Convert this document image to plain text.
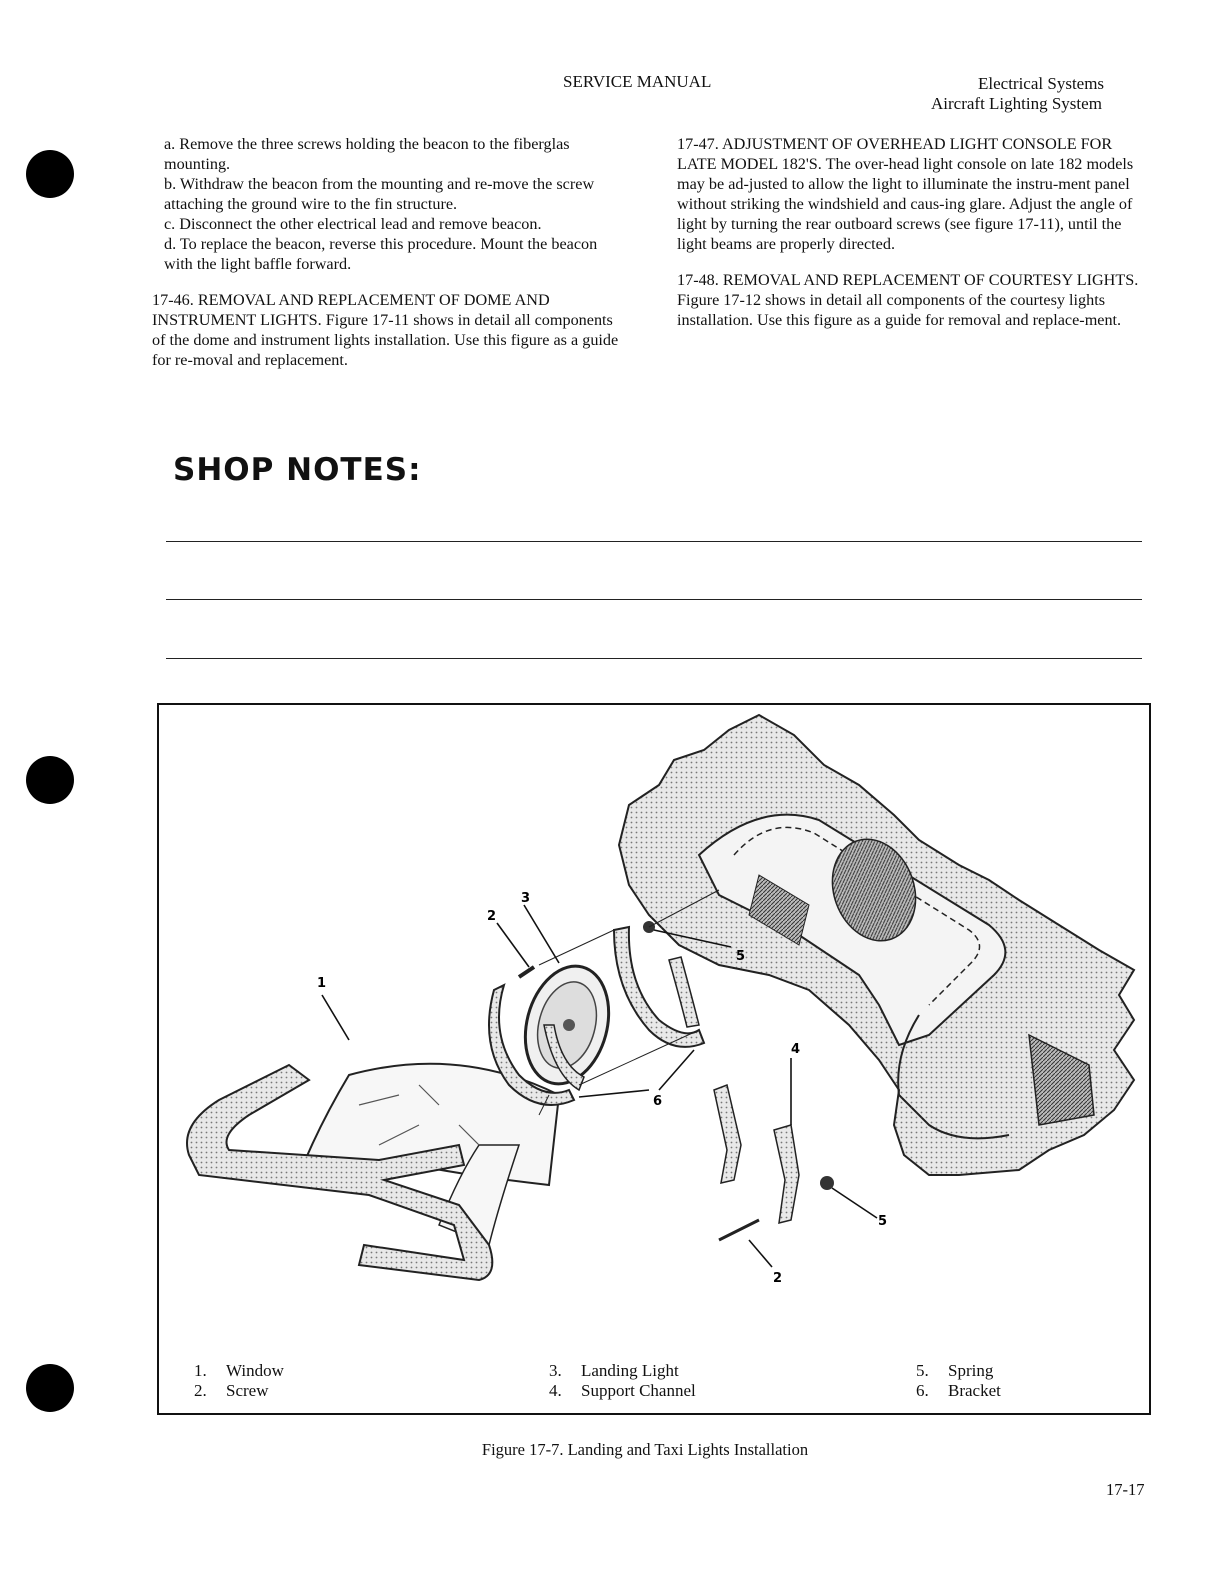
SERVICE MANUAL	Electrical Systems
Aircraft Lighting System

a. Remove the three screws holding the beacon to the fiberglas mounting.

b. Withdraw the beacon from the mounting and re-move the screw attaching the ground wire to the fin structure.

c. Disconnect the other electrical lead and remove beacon.

d. To replace the beacon, reverse this procedure. Mount the beacon with the light baffle forward.

17-46. REMOVAL AND REPLACEMENT OF DOME AND INSTRUMENT LIGHTS. Figure 17-11 shows in detail all components of the dome and instrument lights installation. Use this figure as a guide for re-moval and replacement.

17-47. ADJUSTMENT OF OVERHEAD LIGHT CONSOLE FOR LATE MODEL 182'S. The over-head light console on late 182 models may be ad-justed to allow the light to illuminate the instru-ment panel without striking the windshield and caus-ing glare. Adjust the angle of light by turning the rear outboard screws (see figure 17-11), until the light beams are properly directed.

17-48. REMOVAL AND REPLACEMENT OF COURTESY LIGHTS. Figure 17-12 shows in detail all components of the courtesy lights installation. Use this figure as a guide for removal and replace-ment.

SHOP NOTES:
1
2
3
5
6
4
5
2
1. Window
2. Screw
3. Landing Light
4. Support Channel
5. Spring
6. Bracket
Figure 17-7. Landing and Taxi Lights Installation
17-17
